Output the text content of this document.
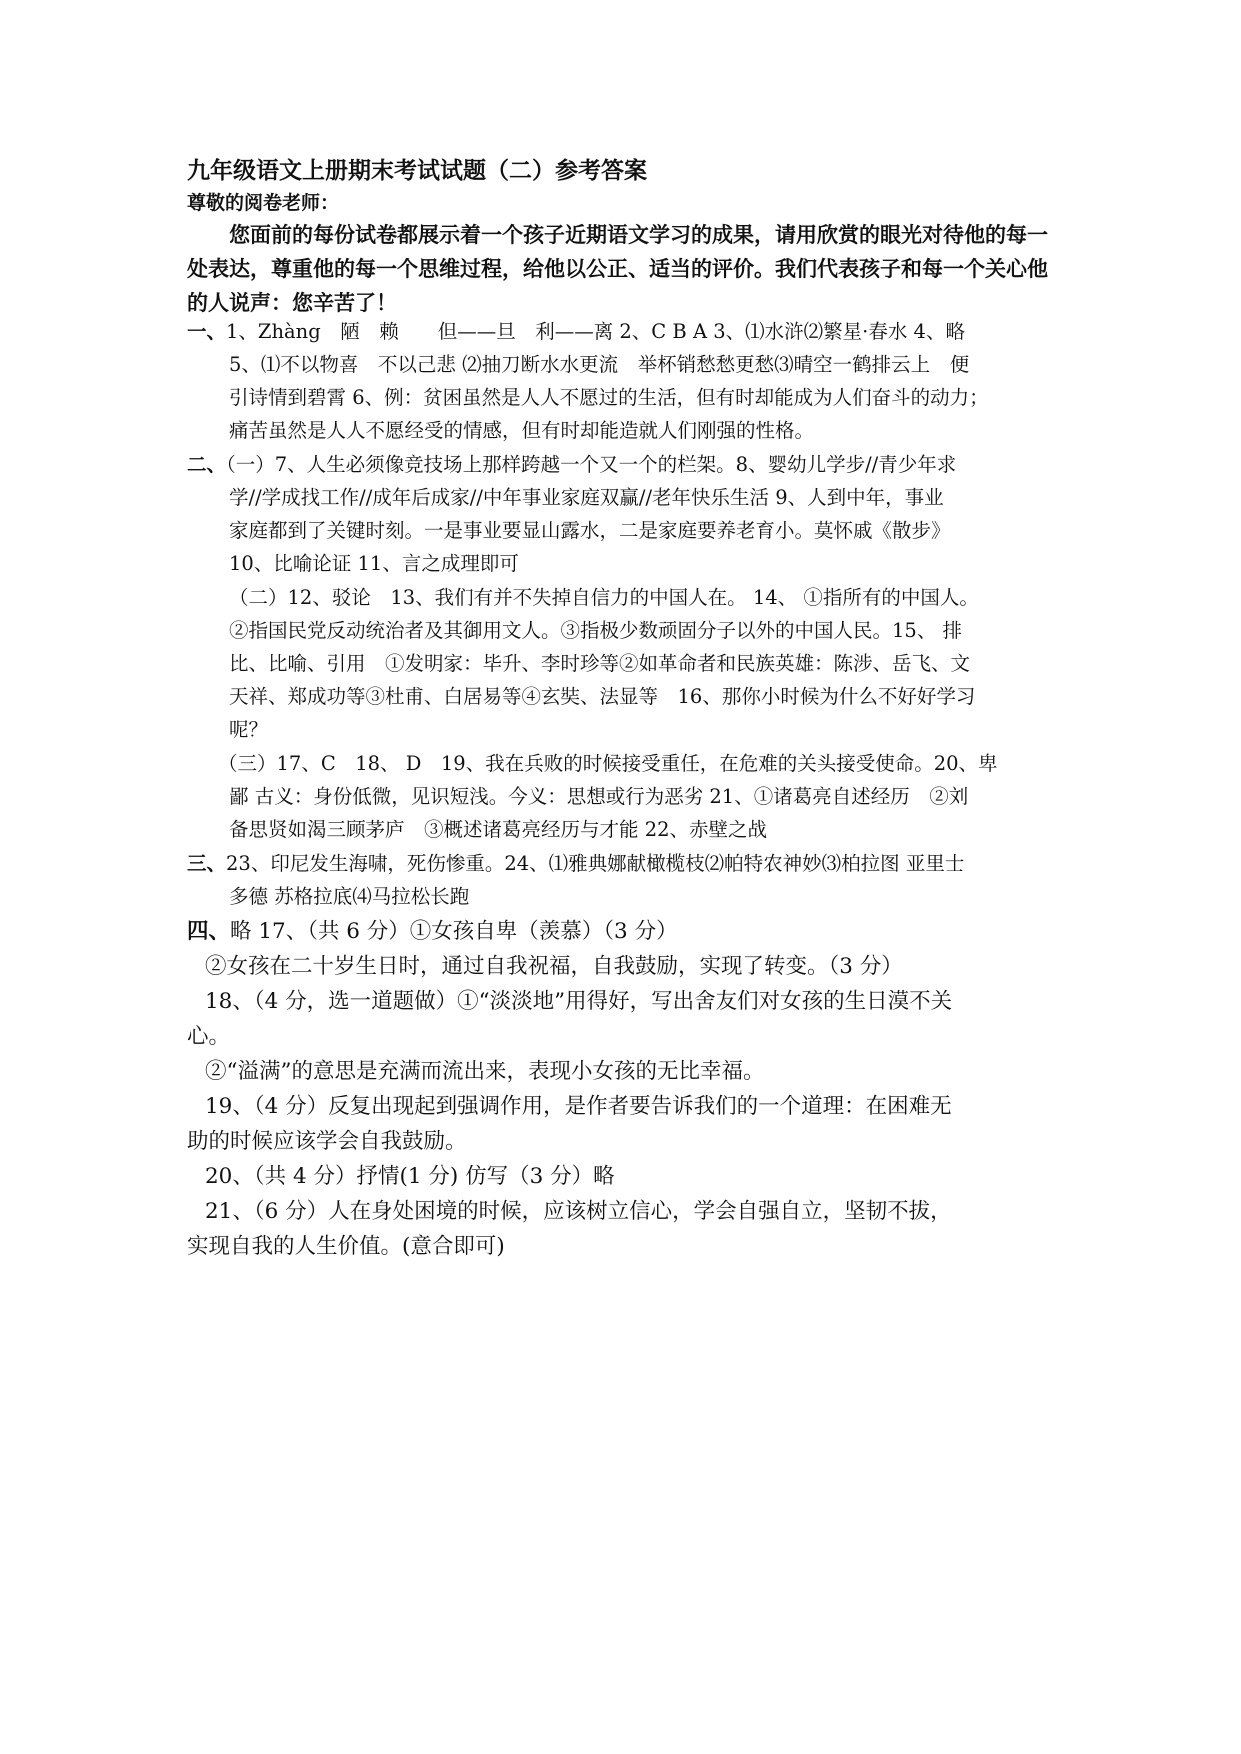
九年级语文上册期末考试试题（二）参考答案
尊敬的阅卷老师：
您面前的每份试卷都展示着一个孩子近期语文学习的成果，请用欣赏的眼光对待他的每一处表达，尊重他的每一个思维过程，给他以公正、适当的评价。我们代表孩子和每一个关心他的人说声：您辛苦了！
一、1、Zhàng　陋　赖　　但——旦　利——离 2、C B A 3、⑴水浒⑵繁星·春水 4、略
5、⑴不以物喜　不以己悲 ⑵抽刀断水水更流　举杯销愁愁更愁⑶晴空一鹤排云上　便
引诗情到碧霄 6、例：贫困虽然是人人不愿过的生活，但有时却能成为人们奋斗的动力；
痛苦虽然是人人不愿经受的情感，但有时却能造就人们刚强的性格。
二、（一）7、人生必须像竞技场上那样跨越一个又一个的栏架。8、婴幼儿学步//青少年求
学//学成找工作//成年后成家//中年事业家庭双赢//老年快乐生活 9、人到中年，事业
家庭都到了关键时刻。一是事业要显山露水，二是家庭要养老育小。莫怀戚《散步》
10、比喻论证 11、言之成理即可
（二）12、驳论　13、我们有并不失掉自信力的中国人在。 14、 ①指所有的中国人。
②指国民党反动统治者及其御用文人。③指极少数顽固分子以外的中国人民。15、 排
比、比喻、引用　①发明家：毕升、李时珍等②如革命者和民族英雄：陈涉、岳飞、文
天祥、郑成功等③杜甫、白居易等④玄奘、法显等　16、那你小时候为什么不好好学习
呢？
（三）17、C　18、 D　19、我在兵败的时候接受重任，在危难的关头接受使命。20、卑
鄙 古义：身份低微，见识短浅。今义：思想或行为恶劣 21、①诸葛亮自述经历　②刘
备思贤如渴三顾茅庐　③概述诸葛亮经历与才能 22、赤壁之战
三、23、印尼发生海啸，死伤惨重。24、⑴雅典娜献橄榄枝⑵帕特农神妙⑶柏拉图 亚里士
多德 苏格拉底⑷马拉松长跑
四、略 17、（共 6 分）①女孩自卑（羡慕）（3 分）
②女孩在二十岁生日时，通过自我祝福，自我鼓励，实现了转变。（3 分）
18、（4 分，选一道题做）①“淡淡地”用得好，写出舍友们对女孩的生日漠不关
心。
②“溢满”的意思是充满而流出来，表现小女孩的无比幸福。
19、（4 分）反复出现起到强调作用，是作者要告诉我们的一个道理：在困难无
助的时候应该学会自我鼓励。
20、（共 4 分）抒情(1 分) 仿写（3 分）略
21、（6 分）人在身处困境的时候，应该树立信心，学会自强自立，坚韧不拔，
实现自我的人生价值。(意合即可)
